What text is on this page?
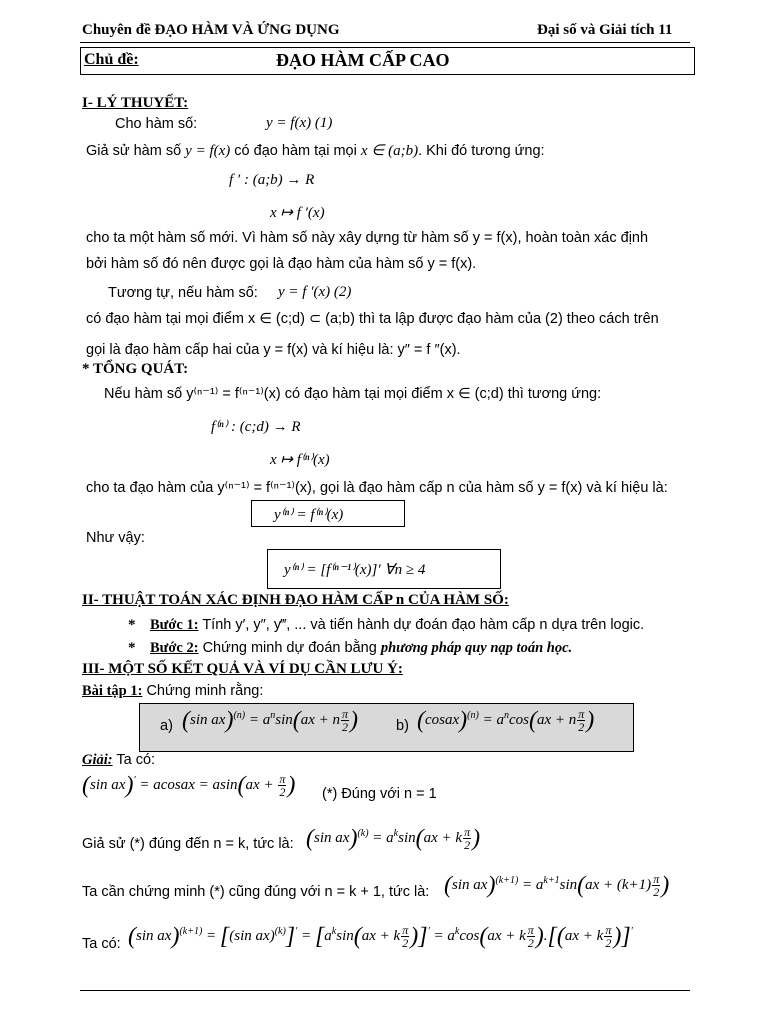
Chuyên đề ĐẠO HÀM VÀ ỨNG DỤNG	Đại số và Giải tích 11
Chủ đề:	ĐẠO HÀM CẤP CAO
I- LÝ THUYẾT:
Cho hàm số:	y = f(x) (1)
Giả sử hàm số y = f(x) có đạo hàm tại mọi x ∈ (a;b). Khi đó tương ứng:
f ′ : (a;b) → R
x ↦ f ′(x)
cho ta một hàm số mới. Vì hàm số này xây dựng từ hàm số y = f(x), hoàn toàn xác định
bởi hàm số đó nên được gọi là đạo hàm của hàm số y = f(x).
Tương tự, nếu hàm số: y = f ′(x) (2)
có đạo hàm tại mọi điểm x ∈ (c;d) ⊂ (a;b) thì ta lập được đạo hàm của (2) theo cách trên
gọi là đạo hàm cấp hai của y = f(x) và kí hiệu là: y″ = f ″(x).
* TỔNG QUÁT:
Nếu hàm số y⁽ⁿ⁻¹⁾ = f⁽ⁿ⁻¹⁾(x) có đạo hàm tại mọi điểm x ∈ (c;d) thì tương ứng:
f⁽ⁿ⁾ : (c;d) → R
x ↦ f⁽ⁿ⁾(x)
cho ta đạo hàm của y⁽ⁿ⁻¹⁾ = f⁽ⁿ⁻¹⁾(x), gọi là đạo hàm cấp n của hàm số y = f(x) và kí hiệu là:
y⁽ⁿ⁾ = f⁽ⁿ⁾(x)
Như vậy:
y⁽ⁿ⁾ = [f⁽ⁿ⁻¹⁾(x)]′ ∀n ≥ 4
II- THUẬT TOÁN XÁC ĐỊNH ĐẠO HÀM CẤP n CỦA HÀM SỐ:
* Bước 1: Tính y′, y″, y‴, ... và tiến hành dự đoán đạo hàm cấp n dựa trên logic.
* Bước 2: Chứng minh dự đoán bằng phương pháp quy nạp toán học.
III- MỘT SỐ KẾT QUẢ VÀ VÍ DỤ CẦN LƯU Ý:
Bài tập 1: Chứng minh rằng:
a) (sin $ax)^{(n)} = a^n\sin(ax + n \frac{\pi}{2}$ )	b) (cosax)$^{(n)}$ = $a^n\cos(ax + n \frac{\pi}{2}$ )
Giải: Ta có:
(sin ax)′ = acosax = $asin(ax + \frac{\pi}{2}$ ) (*) Đúng với n = 1
Giả sử (*) đúng đến n = k, tức là: (sin $ax)^{(k)} = a^k\sin(ax + k \frac{\pi}{2}$ )
Ta cần chứng minh (*) cũng đúng với n = k + 1, tức là: (sin $ax)^{(k+1)} = a^{k+1}\sin(ax + (k+1) \frac{\pi}{2}$ )
Ta có: (sin ax)$^{(k+1)}$ = [(sin $ax)^{(k)}]' = [a^k\sin(ax + k \frac{\pi}{2} )]' = a^k\cos(ax + k \frac{\pi}{2} ).[(ax + k \frac{\pi}{2} )]'$
